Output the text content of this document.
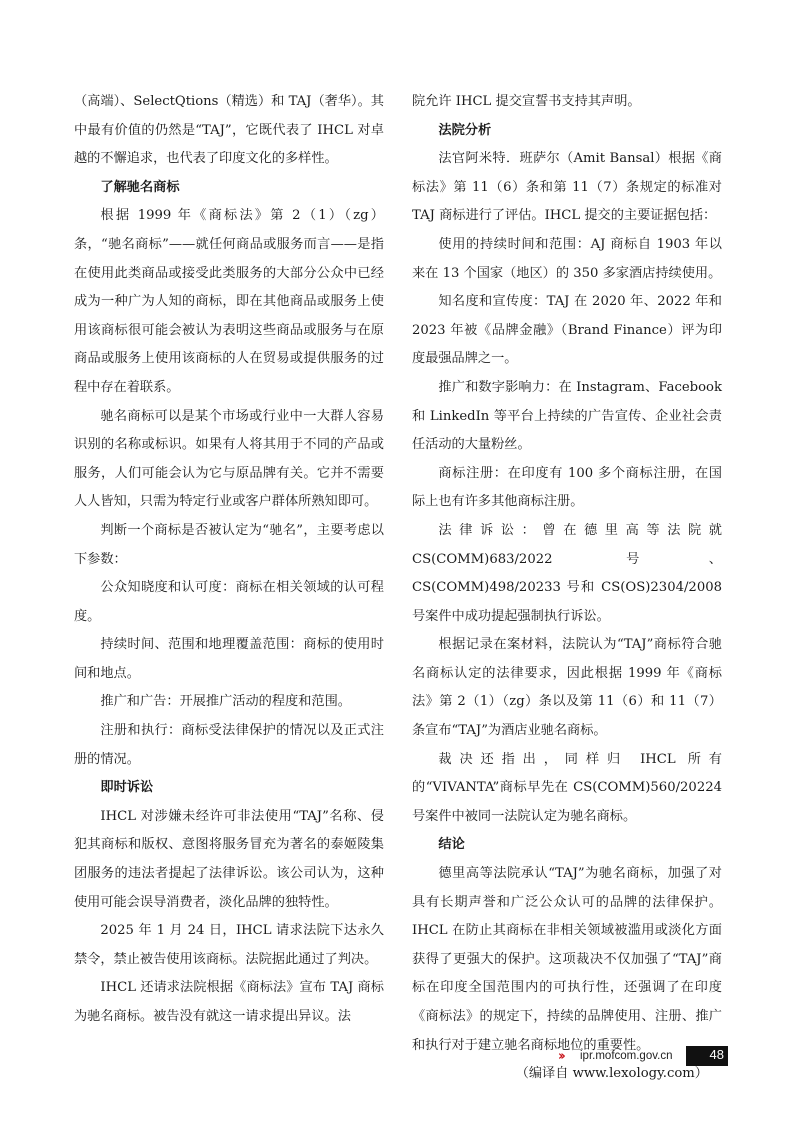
（高端）、SelectQtions（精选）和 TAJ（奢华）。其中最有价值的仍然是“TAJ”，它既代表了 IHCL 对卓越的不懈追求，也代表了印度文化的多样性。

了解驰名商标

根据 1999 年《商标法》第 2（1）（zg）条，“驰名商标”——就任何商品或服务而言——是指在使用此类商品或接受此类服务的大部分公众中已经成为一种广为人知的商标，即在其他商品或服务上使用该商标很可能会被认为表明这些商品或服务与在原商品或服务上使用该商标的人在贸易或提供服务的过程中存在着联系。

驰名商标可以是某个市场或行业中一大群人容易识别的名称或标识。如果有人将其用于不同的产品或服务，人们可能会认为它与原品牌有关。它并不需要人人皆知，只需为特定行业或客户群体所熟知即可。

判断一个商标是否被认定为“驰名”，主要考虑以下参数：

公众知晓度和认可度：商标在相关领域的认可程度。

持续时间、范围和地理覆盖范围：商标的使用时间和地点。

推广和广告：开展推广活动的程度和范围。

注册和执行：商标受法律保护的情况以及正式注册的情况。

即时诉讼

IHCL 对涉嫌未经许可非法使用“TAJ”名称、侵犯其商标和版权、意图将服务冒充为著名的泰姬陵集团服务的违法者提起了法律诉讼。该公司认为，这种使用可能会误导消费者，淡化品牌的独特性。

2025 年 1 月 24 日，IHCL 请求法院下达永久禁令，禁止被告使用该商标。法院据此通过了判决。

IHCL 还请求法院根据《商标法》宣布 TAJ 商标为驰名商标。被告没有就这一请求提出异议。法

院允许 IHCL 提交宣誓书支持其声明。

法院分析

法官阿米特．班萨尔（Amit Bansal）根据《商标法》第 11（6）条和第 11（7）条规定的标准对 TAJ 商标进行了评估。IHCL 提交的主要证据包括：

使用的持续时间和范围：AJ 商标自 1903 年以来在 13 个国家（地区）的 350 多家酒店持续使用。

知名度和宣传度：TAJ 在 2020 年、2022 年和 2023 年被《品牌金融》（Brand Finance）评为印度最强品牌之一。

推广和数字影响力：在 Instagram、Facebook 和 LinkedIn 等平台上持续的广告宣传、企业社会责任活动的大量粉丝。

商标注册：在印度有 100 多个商标注册，在国际上也有许多其他商标注册。

法律诉讼：曾在德里高等法院就 CS(COMM)683/2022 号、CS(COMM)498/20233 号和 CS(OS)2304/2008 号案件中成功提起强制执行诉讼。

根据记录在案材料，法院认为“TAJ”商标符合驰名商标认定的法律要求，因此根据 1999 年《商标法》第 2（1）（zg）条以及第 11（6）和 11（7）条宣布“TAJ”为酒店业驰名商标。

裁决还指出，同样归 IHCL 所有的“VIVANTA”商标早先在 CS(COMM)560/20224 号案件中被同一法院认定为驰名商标。

结论

德里高等法院承认“TAJ”为驰名商标，加强了对具有长期声誉和广泛公众认可的品牌的法律保护。IHCL 在防止其商标在非相关领域被滥用或淡化方面获得了更强大的保护。这项裁决不仅加强了“TAJ”商标在印度全国范围内的可执行性，还强调了在印度《商标法》的规定下，持续的品牌使用、注册、推广和执行对于建立驰名商标地位的重要性。

（编译自 www.lexology.com）

›› ipr.mofcom.gov.cn	48
